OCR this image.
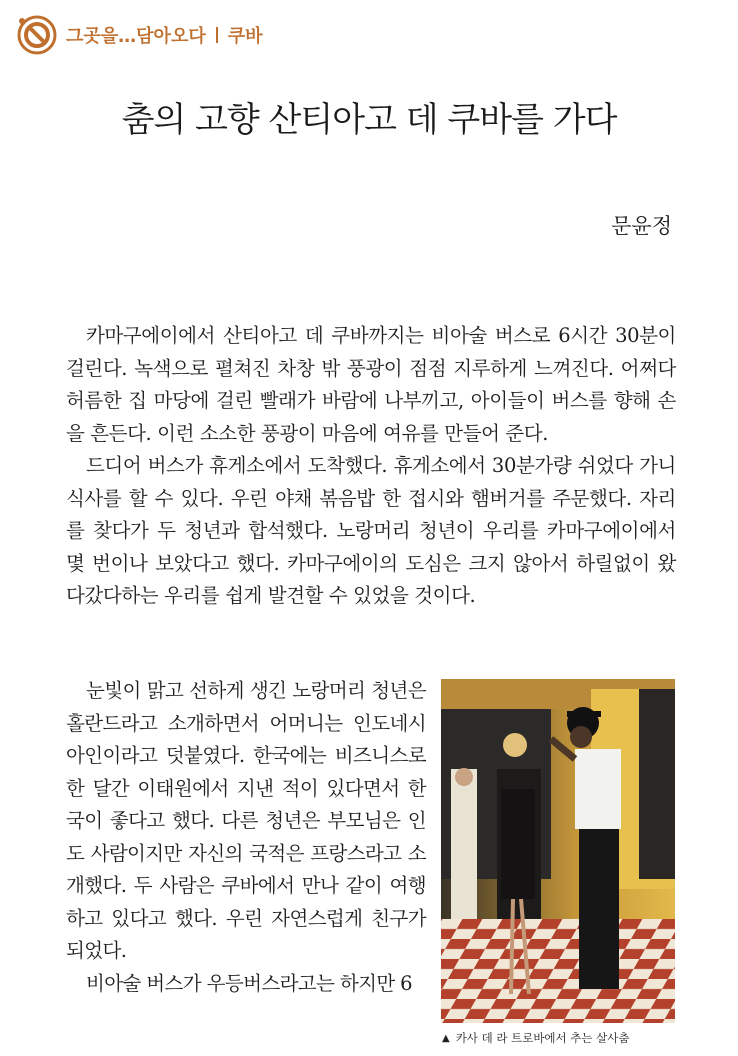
그곳을…담아오다 쿠바
춤의 고향 산티아고 데 쿠바를 가다
문윤정

카마구에이에서 산티아고 데 쿠바까지는 비아술 버스로 6시간 30분이 걸린다. 녹색으로 펼쳐진 차창 밖 풍광이 점점 지루하게 느껴진다. 어쩌다 허름한 집 마당에 걸린 빨래가 바람에 나부끼고, 아이들이 버스를 향해 손을 흔든다. 이런 소소한 풍광이 마음에 여유를 만들어 준다.

드디어 버스가 휴게소에서 도착했다. 휴게소에서 30분가량 쉬었다 가니 식사를 할 수 있다. 우린 야채 볶음밥 한 접시와 햄버거를 주문했다. 자리를 찾다가 두 청년과 합석했다. 노랑머리 청년이 우리를 카마구에이에서 몇 번이나 보았다고 했다. 카마구에이의 도심은 크지 않아서 하릴없이 왔다갔다하는 우리를 쉽게 발견할 수 있었을 것이다.

눈빛이 맑고 선하게 생긴 노랑머리 청년은 홀란드라고 소개하면서 어머니는 인도네시아인이라고 덧붙였다. 한국에는 비즈니스로 한 달간 이태원에서 지낸 적이 있다면서 한국이 좋다고 했다. 다른 청년은 부모님은 인도 사람이지만 자신의 국적은 프랑스라고 소개했다. 두 사람은 쿠바에서 만나 같이 여행하고 있다고 했다. 우린 자연스럽게 친구가 되었다.

비아술 버스가 우등버스라고는 하지만 6

▲ 카사 데 라 트로바에서 추는 살사춤
